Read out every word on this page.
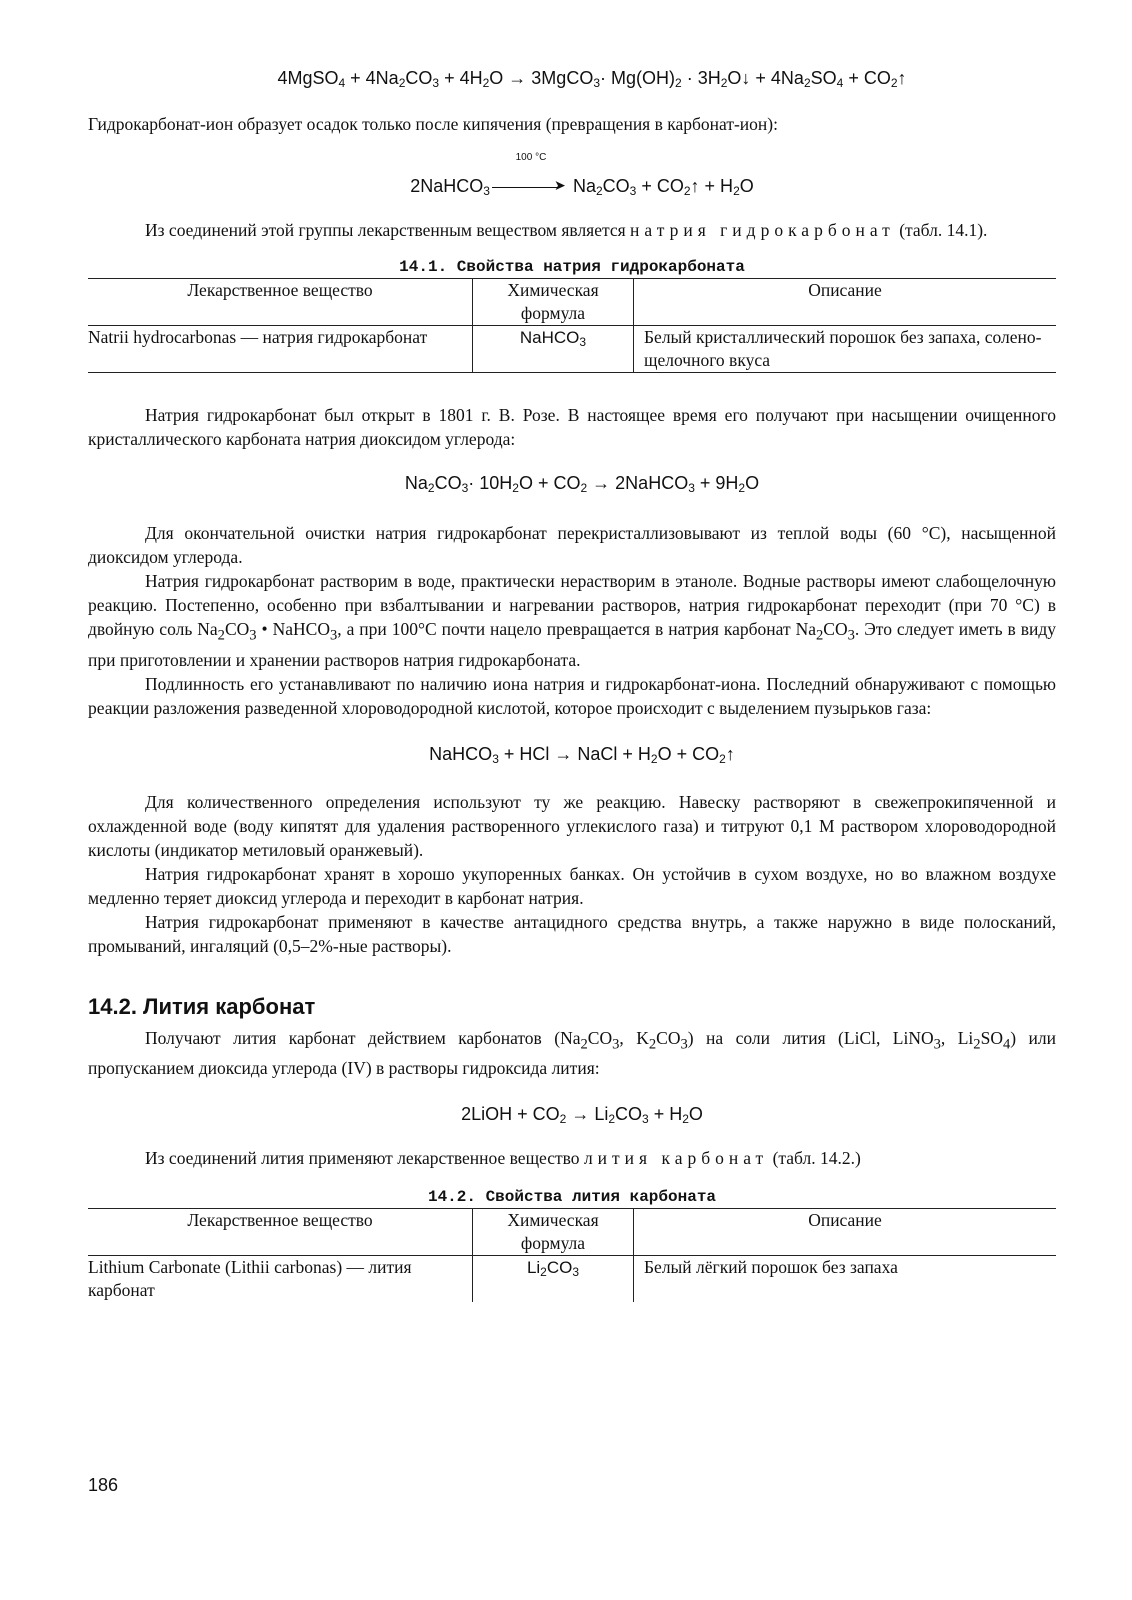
4MgSO$_4$ + $4Na_2CO_3 + 4H_2O$ → 3MgCO$_3$· $Mg(OH)_2$ · $3H_2O↓ + 4Na_2SO_4$ + $CO_2↑$

Гидрокарбонат-ион образует осадок только после кипячения (превращения в карбонат-ион):

2NaHCO$_3$
100 °C
➤ $Na_2CO_3$ + $CO_2↑ + H_2O$

Из соединений этой группы лекарственным веществом является натрия гидрокарбонат (табл. 14.1).

14.1. Свойства натрия гидрокарбоната

Лекарственное вещество	Химическая формула	Описание
Natrii hydrocarbonas — натрия гидрокарбонат	NaHCO$_3$	Белый кристаллический порошок без запаха, солено-щелочного вкуса

Натрия гидрокарбонат был открыт в 1801 г. В. Розе. В настоящее время его получают при насыщении очищенного кристаллического карбоната натрия диоксидом углерода:

$Na_2CO_3\cdot 10H_2O + CO_2$ → 2NaHCO$_3$ + $9H_2O$

Для окончательной очистки натрия гидрокарбонат перекристаллизовывают из теплой воды (60 °С), насыщенной диоксидом углерода.

Натрия гидрокарбонат растворим в воде, практически нерастворим в этаноле. Водные растворы имеют слабощелочную реакцию. Постепенно, особенно при взбалтывании и нагревании растворов, натрия гидрокарбонат переходит (при 70 °С) в двойную соль $Na_2CO_3$ • NaHCO$_3$, а при 100°С почти нацело превращается в натрия карбонат $Na_2CO_3$. Это следует иметь в виду при приготовлении и хранении растворов натрия гидрокарбоната.

Подлинность его устанавливают по наличию иона натрия и гидрокарбонат-иона. Последний обнаруживают с помощью реакции разложения разведенной хлороводородной кислотой, которое происходит с выделением пузырьков газа:

NaHCO$_3$ + HCl → NaCl + $H_2O$ + $CO_2↑$

Для количественного определения используют ту же реакцию. Навеску растворяют в свежепрокипяченной и охлажденной воде (воду кипятят для удаления растворенного углекислого газа) и титруют 0,1 М раствором хлороводородной кислоты (индикатор метиловый оранжевый).

Натрия гидрокарбонат хранят в хорошо укупоренных банках. Он устойчив в сухом воздухе, но во влажном воздухе медленно теряет диоксид углерода и переходит в карбонат натрия.

Натрия гидрокарбонат применяют в качестве антацидного средства внутрь, а также наружно в виде полосканий, промываний, ингаляций (0,5–2%-ные растворы).

14.2. Лития карбонат

Получают лития карбонат действием карбонатов ($Na_2CO_3$, $K_2CO_3$) на соли лития (LiCl, LiNO$_3$, $Li_2SO_4$) или пропусканием диоксида углерода (IV) в растворы гидроксида лития:

2LiOH + $CO_2 \to Li_2CO_3 + H_2O$

Из соединений лития применяют лекарственное вещество лития карбонат (табл. 14.2.)

14.2. Свойства лития карбоната

Лекарственное вещество	Химическая формула	Описание
Lithium Carbonate (Lithii carbonas) — лития карбонат	$Li_2CO_3$	Белый лёгкий порошок без запаха
186
